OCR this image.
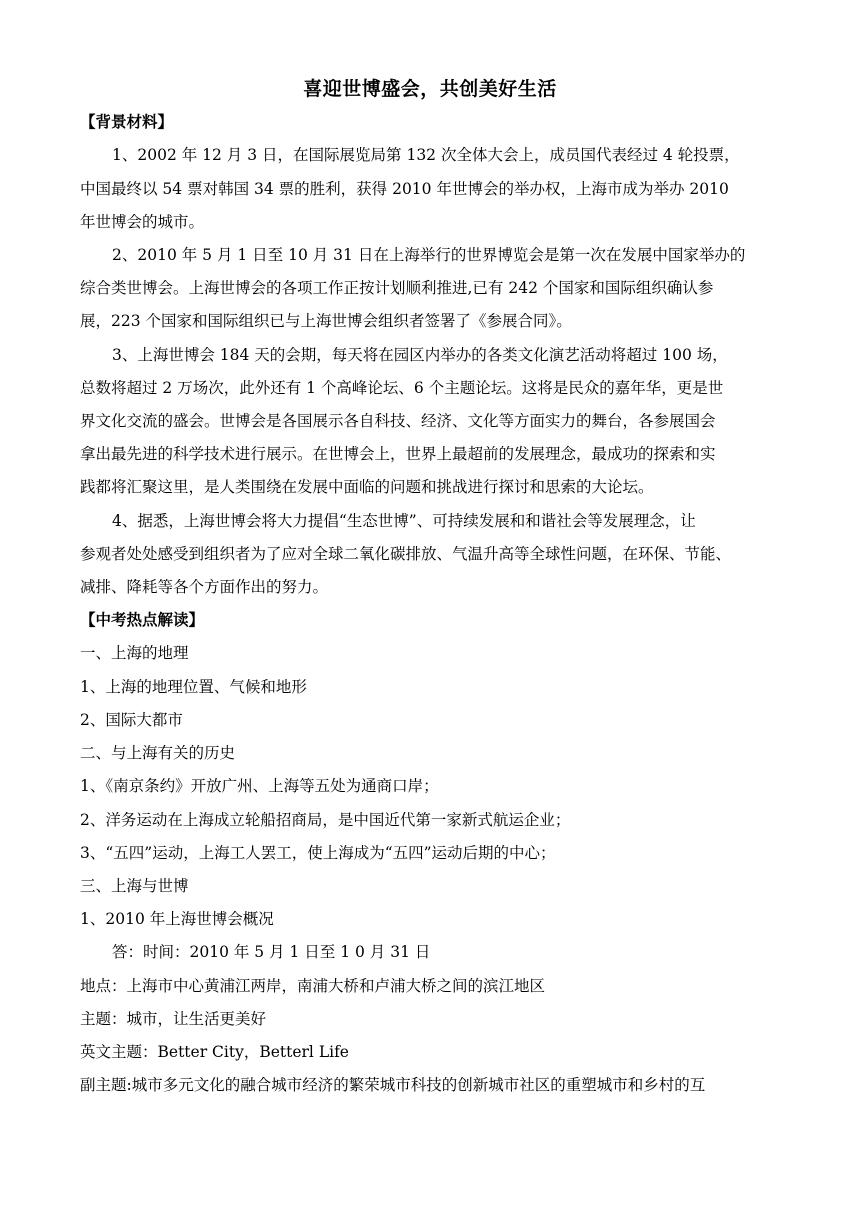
喜迎世博盛会，共创美好生活
【背景材料】
1、2002 年 12 月 3 日，在国际展览局第 132 次全体大会上，成员国代表经过 4 轮投票，
中国最终以 54 票对韩国 34 票的胜利，获得 2010 年世博会的举办权，上海市成为举办 2010
年世博会的城市。
2、2010 年 5 月 1 日至 10 月 31 日在上海举行的世界博览会是第一次在发展中国家举办的
综合类世博会。上海世博会的各项工作正按计划顺利推进,已有 242 个国家和国际组织确认参
展，223 个国家和国际组织已与上海世博会组织者签署了《参展合同》。
3、上海世博会 184 天的会期，每天将在园区内举办的各类文化演艺活动将超过 100 场，
总数将超过 2 万场次，此外还有 1 个高峰论坛、6 个主题论坛。这将是民众的嘉年华，更是世
界文化交流的盛会。世博会是各国展示各自科技、经济、文化等方面实力的舞台，各参展国会
拿出最先进的科学技术进行展示。在世博会上，世界上最超前的发展理念，最成功的探索和实
践都将汇聚这里，是人类围绕在发展中面临的问题和挑战进行探讨和思索的大论坛。
4、据悉，上海世博会将大力提倡“生态世博”、可持续发展和和谐社会等发展理念，让
参观者处处感受到组织者为了应对全球二氧化碳排放、气温升高等全球性问题，在环保、节能、
减排、降耗等各个方面作出的努力。
【中考热点解读】
一、上海的地理
1、上海的地理位置、气候和地形
2、国际大都市
二、与上海有关的历史
1、《南京条约》开放广州、上海等五处为通商口岸；
2、洋务运动在上海成立轮船招商局，是中国近代第一家新式航运企业；
3、“五四”运动，上海工人罢工，使上海成为“五四”运动后期的中心；
三、上海与世博
1、2010 年上海世博会概况
答：时间：2010 年 5 月 1 日至 1 0 月 31 日
地点：上海市中心黄浦江两岸，南浦大桥和卢浦大桥之间的滨江地区
主题：城市，让生活更美好
英文主题：Better City，Betterl Life
副主题:城市多元文化的融合城市经济的繁荣城市科技的创新城市社区的重塑城市和乡村的互
